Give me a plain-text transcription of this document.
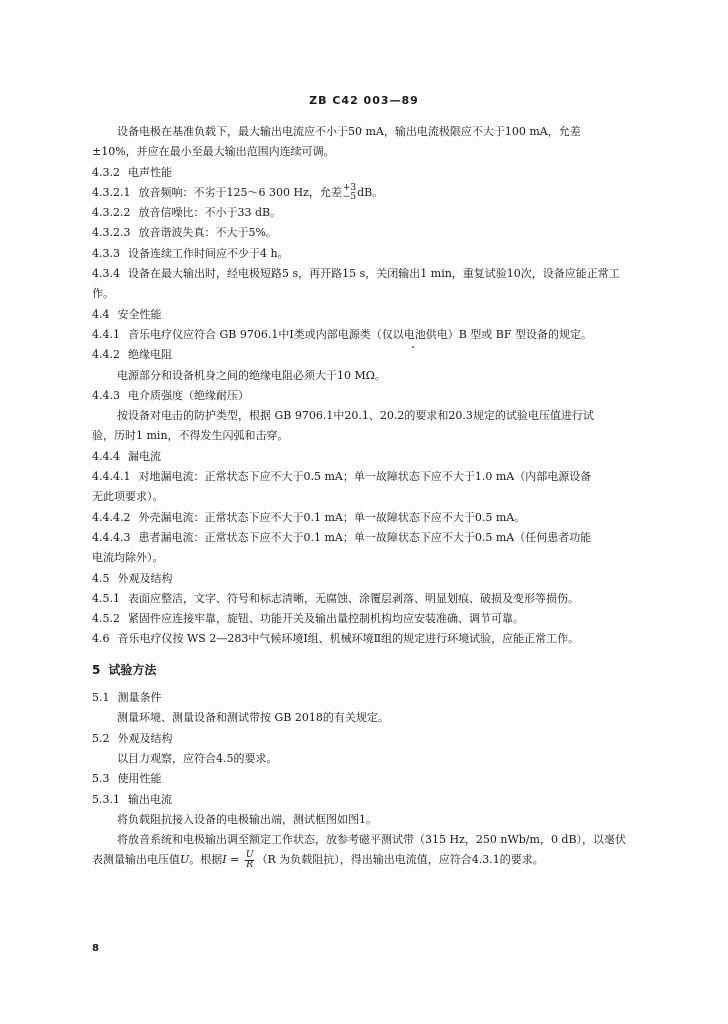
ZB C42 003—89

设备电极在基准负载下，最大输出电流应不小于50 mA，输出电流极限应不大于100 mA，允差

±10%，并应在最小至最大输出范围内连续可调。

4.3.2 电声性能

4.3.2.1 放音频响：不劣于125～6 300 Hz，允差 +3
−5 dB。

4.3.2.2 放音信噪比：不小于33 dB。

4.3.2.3 放音谐波失真：不大于5%。

4.3.3 设备连续工作时间应不少于4 h。

4.3.4 设备在最大输出时，经电极短路5 s，再开路15 s，关闭输出1 min，重复试验10次，设备应能正常工

作。

4.4 安全性能

4.4.1 音乐电疗仪应符合 GB 9706.1中Ⅰ类或内部电源类（仅以电池供电）B 型或 BF 型设备的规定。

4.4.2 绝缘电阻

电源部分和设备机身之间的绝缘电阻必须大于10 MΩ。

4.4.3 电介质强度（绝缘耐压）

按设备对电击的防护类型，根据 GB 9706.1中20.1、20.2的要求和20.3规定的试验电压值进行试

验，历时1 min，不得发生闪弧和击穿。

4.4.4 漏电流

4.4.4.1 对地漏电流：正常状态下应不大于0.5 mA；单一故障状态下应不大于1.0 mA（内部电源设备

无此项要求）。

4.4.4.2 外壳漏电流：正常状态下应不大于0.1 mA；单一故障状态下应不大于0.5 mA。

4.4.4.3 患者漏电流：正常状态下应不大于0.1 mA；单一故障状态下应不大于0.5 mA（任何患者功能

电流均除外）。

4.5 外观及结构

4.5.1 表面应整洁，文字、符号和标志清晰，无腐蚀、涂覆层剥落、明显划痕、破损及变形等损伤。

4.5.2 紧固件应连接牢靠，旋钮、功能开关及输出量控制机构均应安装准确、调节可靠。

4.6 音乐电疗仪按 WS 2—283中气候环境Ⅰ组、机械环境Ⅱ组的规定进行环境试验，应能正常工作。

5 试验方法

5.1 测量条件

测量环境、测量设备和测试带按 GB 2018的有关规定。

5.2 外观及结构

以目力观察，应符合4.5的要求。

5.3 使用性能

5.3.1 输出电流

将负载阻抗接入设备的电极输出端，测试框图如图1。

将放音系统和电极输出调至额定工作状态，放参考磁平测试带（315 Hz，250 nWb/m，0 dB），以毫伏

表测量输出电压值U。根据$I = \frac{U}{R} (R$ 为负载阻抗），得出输出电流值，应符合4.3.1的要求。

8
